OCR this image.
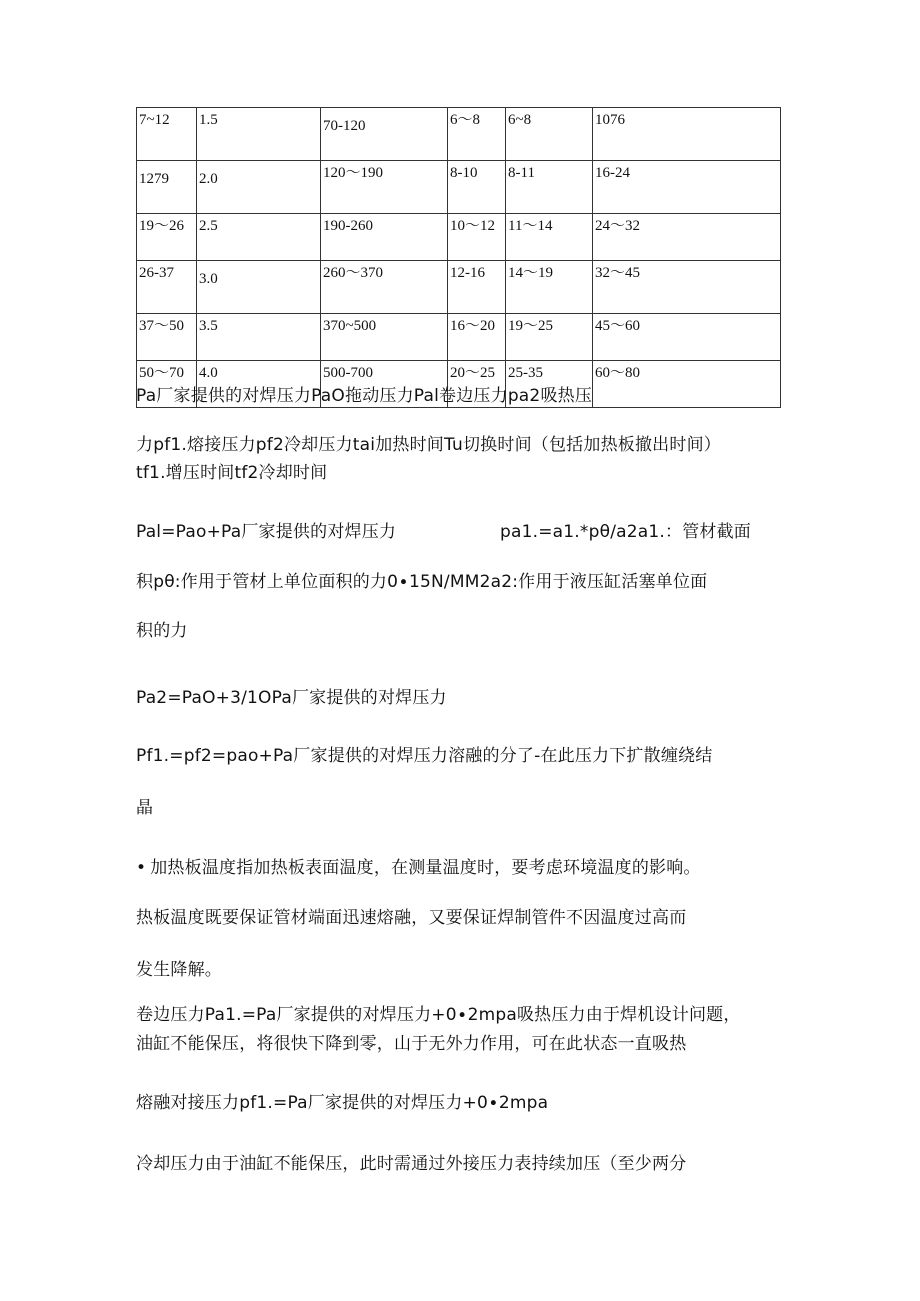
7~12	1.5	70-120	6～8	6~8	1076
1279	2.0	120～190	8-10	8-11	16-24
19～26	2.5	190-260	10～12	11～14	24～32
26-37	3.0	260～370	12-16	14～19	32～45
37～50	3.5	370~500	16～20	19～25	45～60
50～70	4.0	500-700	20～25	25-35	60～80
Pa厂家提供的对焊压力PaO拖动压力Pal卷边压力pa2吸热压
力pf1.熔接压力pf2冷却压力tai加热时间Tu切换时间（包括加热板撤出时间）
tf1.增压时间tf2冷却时间
Pal=Pao+Pa厂家提供的对焊压力	pa1.=a1.*pθ∕a2a1.：管材截面
积pθ:作用于管材上单位面积的力0∙15N∕MM2a2:作用于液压缸活塞单位面
积的力
Pa2=PaO+3/1OPa厂家提供的对焊压力
Pf1.=pf2=pao+Pa厂家提供的对焊压力溶融的分了-在此压力下扩散缠绕结
晶
• 加热板温度指加热板表面温度，在测量温度时，要考虑环境温度的影响。
热板温度既要保证管材端面迅速熔融，又要保证焊制管件不因温度过高而
发生降解。
卷边压力Pa1.=Pa厂家提供的对焊压力+0∙2mpa吸热压力由于焊机设计问题，
油缸不能保压，将很快下降到零，山于无外力作用，可在此状态一直吸热
熔融对接压力pf1.=Pa厂家提供的对焊压力+0∙2mpa
冷却压力由于油缸不能保压，此时需通过外接压力表持续加压（至少两分
